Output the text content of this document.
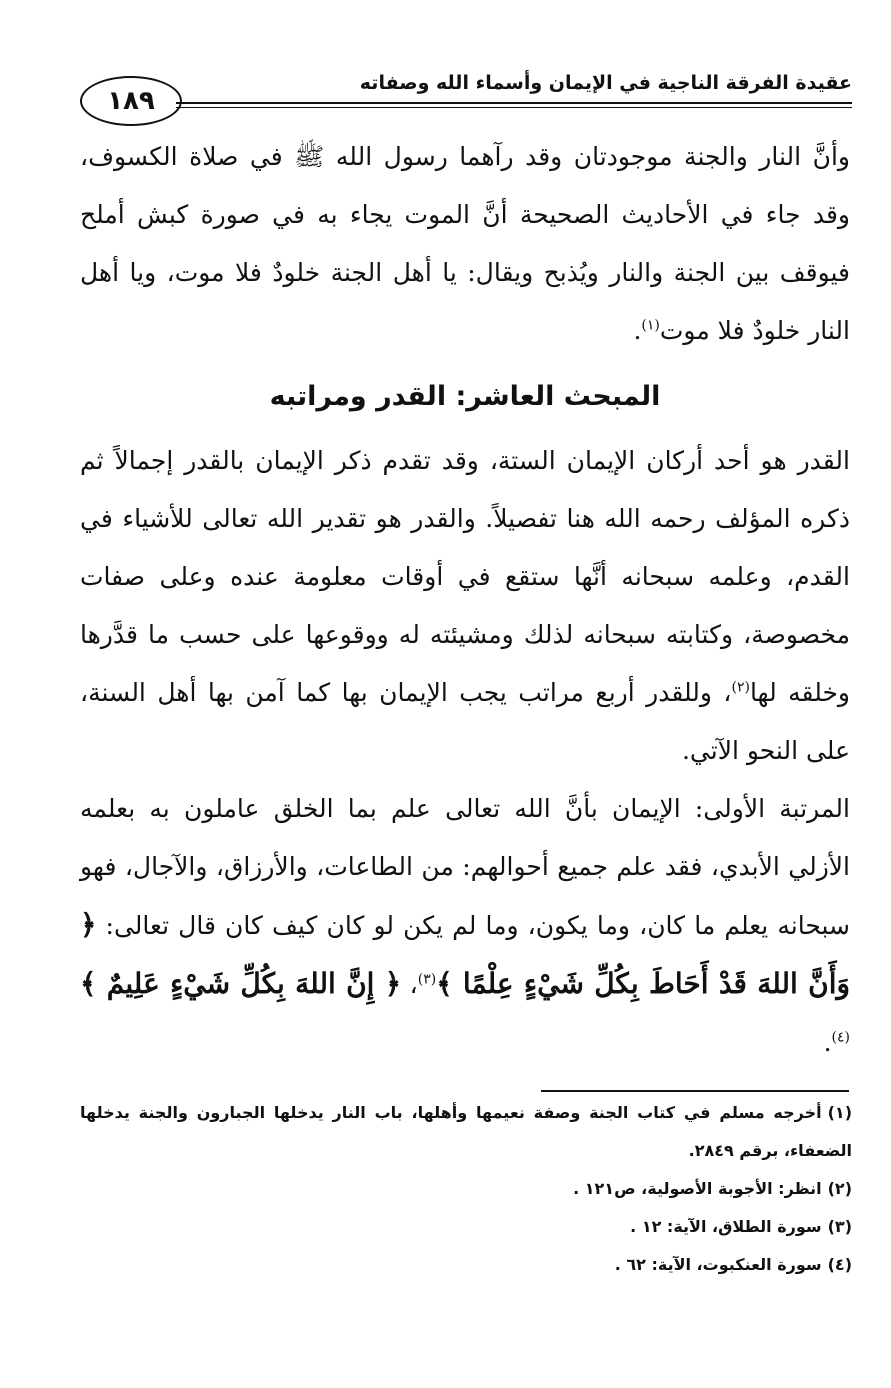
عقيدة الفرقة الناجية في الإيمان وأسماء الله وصفاته
١٨٩
وأنَّ النار والجنة موجودتان وقد رآهما رسول الله ﷺ في صلاة الكسوف، وقد جاء في الأحاديث الصحيحة أنَّ الموت يجاء به في صورة كبش أملح فيوقف بين الجنة والنار ويُذبح ويقال: يا أهل الجنة خلودٌ فلا موت، ويا أهل النار خلودٌ فلا موت$^{(١)}$.
المبحث العاشر: القدر ومراتبه
القدر هو أحد أركان الإيمان الستة، وقد تقدم ذكر الإيمان بالقدر إجمالاً ثم ذكره المؤلف رحمه الله هنا تفصيلاً. والقدر هو تقدير الله تعالى للأشياء في القدم، وعلمه سبحانه أنَّها ستقع في أوقات معلومة عنده وعلى صفات مخصوصة، وكتابته سبحانه لذلك ومشيئته له ووقوعها على حسب ما قدَّرها وخلقه لها$^{(٢)}$، وللقدر أربع مراتب يجب الإيمان بها كما آمن بها أهل السنة، على النحو الآتي.
المرتبة الأولى: الإيمان بأنَّ الله تعالى علم بما الخلق عاملون به بعلمه الأزلي الأبدي، فقد علم جميع أحوالهم: من الطاعات، والأرزاق، والآجال، فهو سبحانه يعلم ما كان، وما يكون، وما لم يكن لو كان كيف كان قال تعالى: ﴿ وَأَنَّ اللهَ قَدْ أَحَاطَ بِكُلِّ شَيْءٍ عِلْمًا ﴾$^{(٣)}$، ﴿ إِنَّ اللهَ بِكُلِّ شَيْءٍ عَلِيمٌ ﴾$^{(٤)}$.
(١)أخرجه مسلم في كتاب الجنة وصفة نعيمها وأهلها، باب النار يدخلها الجبارون والجنة يدخلها الضعفاء، برقم ٢٨٤٩.
(٢)انظر: الأجوبة الأصولية، ص١٢١ .
(٣)سورة الطلاق، الآية: ١٢ .
(٤)سورة العنكبوت، الآية: ٦٢ .
